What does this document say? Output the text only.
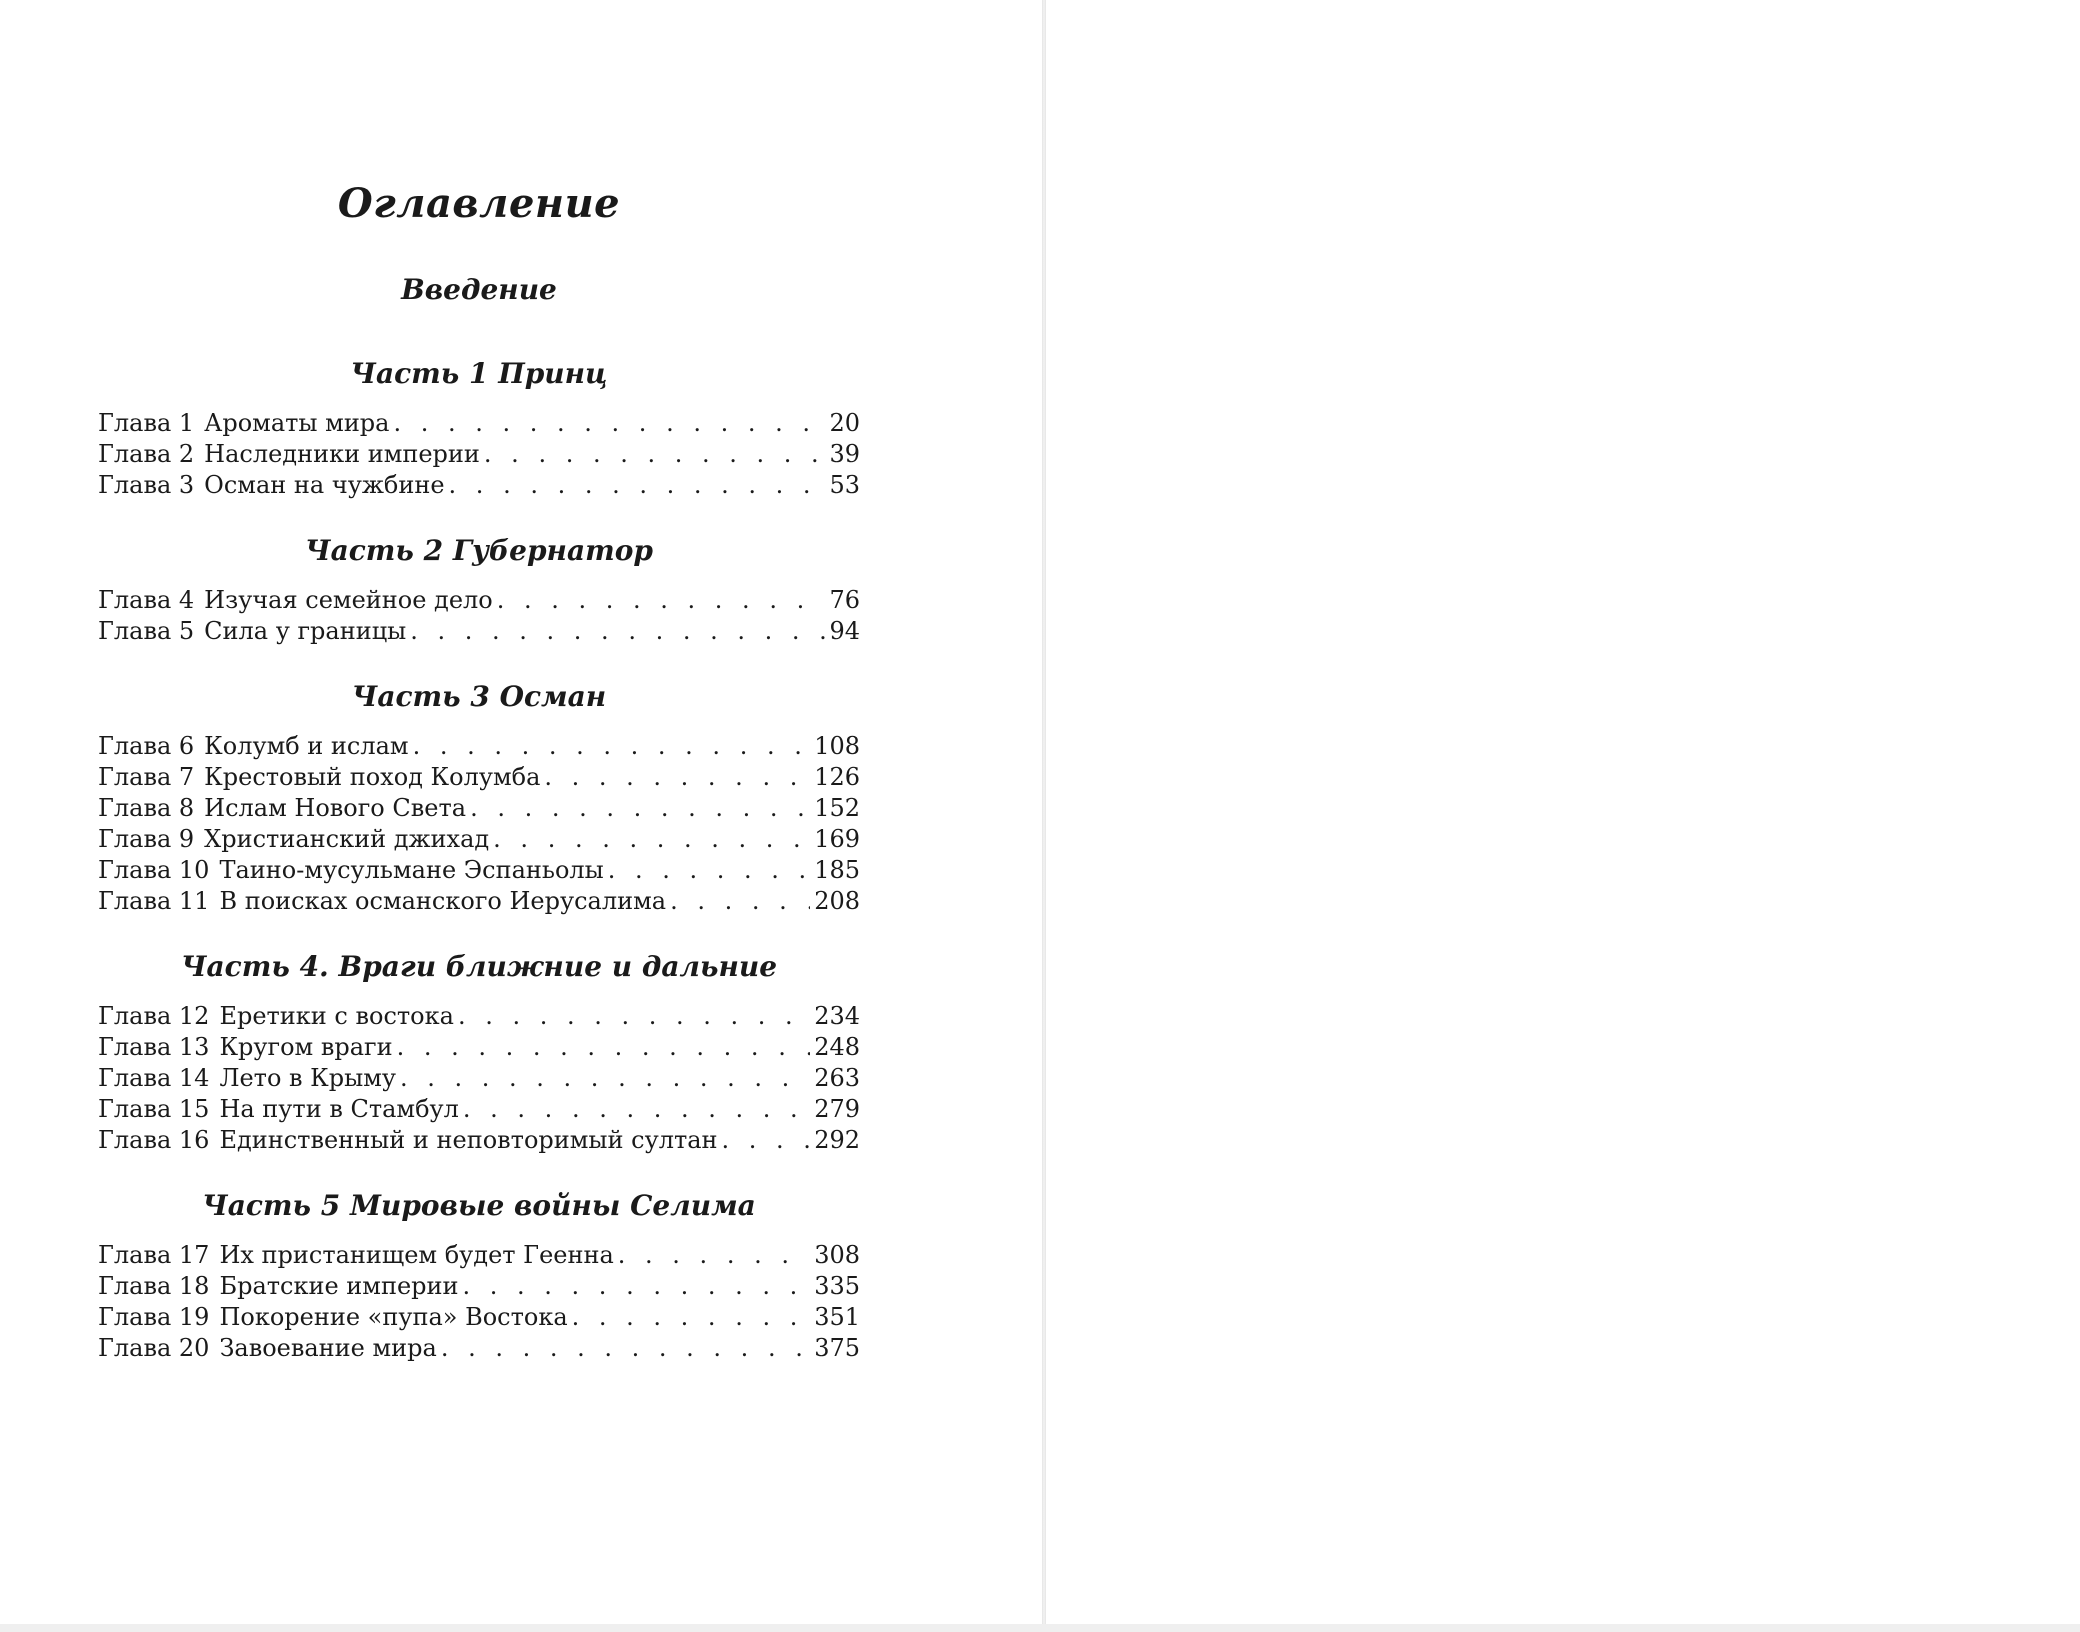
Оглавление
Введение
Часть 1 Принц
Глава 1 Ароматы мира . . .	20
Глава 2 Наследники империи . . .	39
Глава 3 Осман на чужбине . . .	53
Часть 2 Губернатор
Глава 4 Изучая семейное дело . . .	76
Глава 5 Сила у границы . . .	94
Часть 3 Осман
Глава 6 Колумб и ислам . . .	108
Глава 7 Крестовый поход Колумба . . .	126
Глава 8 Ислам Нового Света . . .	152
Глава 9 Христианский джихад . . .	169
Глава 10 Таино-мусульмане Эспаньолы . . .	185
Глава 11 В поисках османского Иерусалима . . .	208
Часть 4. Враги ближние и дальние
Глава 12 Еретики с востока . . .	234
Глава 13 Кругом враги . . .	248
Глава 14 Лето в Крыму . . .	263
Глава 15 На пути в Стамбул . . .	279
Глава 16 Единственный и неповторимый султан . . .	292
Часть 5 Мировые войны Селима
Глава 17 Их пристанищем будет Геенна . . .	308
Глава 18 Братские империи . . .	335
Глава 19 Покорение «пупа» Востока . . .	351
Глава 20 Завоевание мира . . .	375
